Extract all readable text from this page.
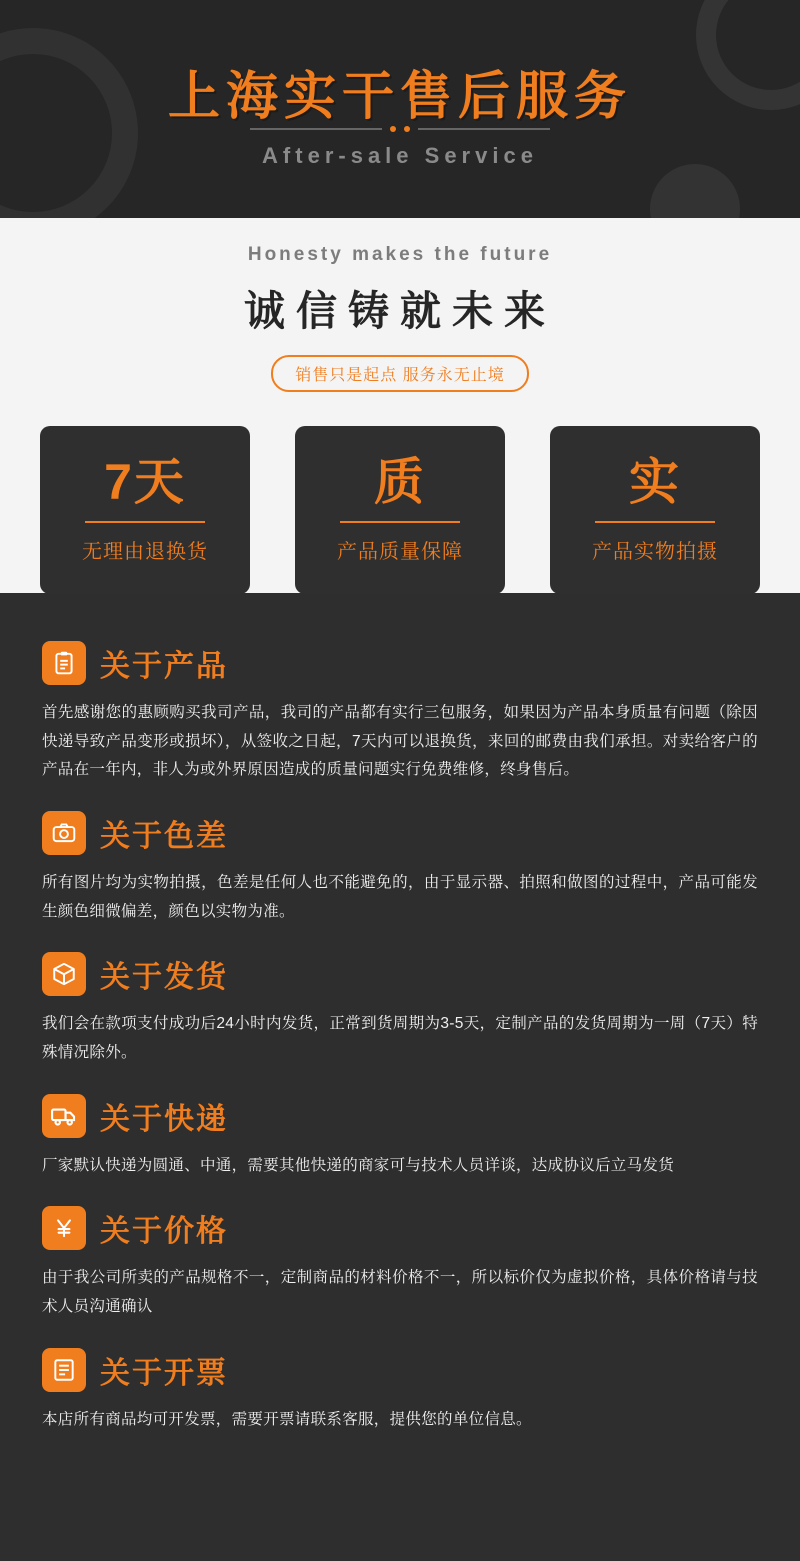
上海实干售后服务
After-sale Service
Honesty makes the future
诚信铸就未来
销售只是起点 服务永无止境
7天
无理由退换货
质
产品质量保障
实
产品实物拍摄
关于产品
首先感谢您的惠顾购买我司产品，我司的产品都有实行三包服务，如果因为产品本身质量有问题（除因快递导致产品变形或损坏），从签收之日起，7天内可以退换货，来回的邮费由我们承担。对卖给客户的产品在一年内，非人为或外界原因造成的质量问题实行免费维修，终身售后。
关于色差
所有图片均为实物拍摄，色差是任何人也不能避免的，由于显示器、拍照和做图的过程中，产品可能发生颜色细微偏差，颜色以实物为准。
关于发货
我们会在款项支付成功后24小时内发货，正常到货周期为3-5天，定制产品的发货周期为一周（7天）特殊情况除外。
关于快递
厂家默认快递为圆通、中通，需要其他快递的商家可与技术人员详谈，达成协议后立马发货
关于价格
由于我公司所卖的产品规格不一，定制商品的材料价格不一，所以标价仅为虚拟价格，具体价格请与技术人员沟通确认
关于开票
本店所有商品均可开发票，需要开票请联系客服，提供您的单位信息。
